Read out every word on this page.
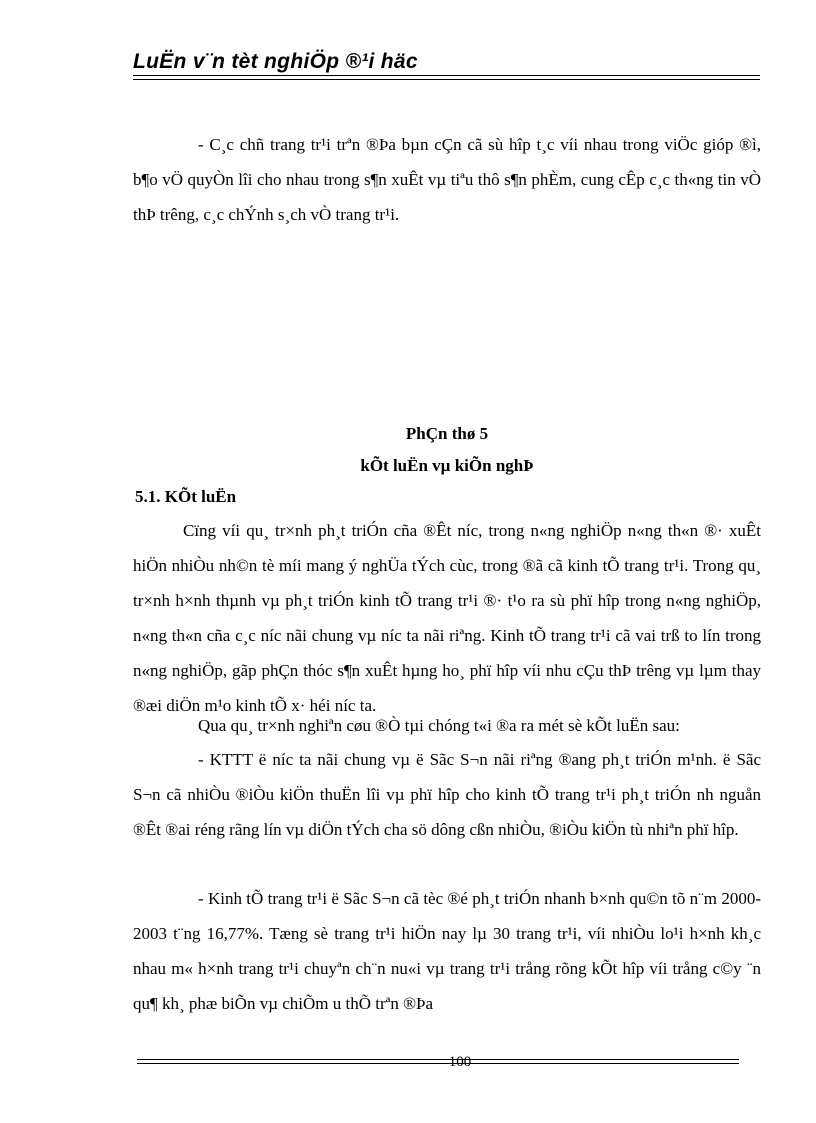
LuËn v¨n tèt nghiÖp ®¹i häc

- C¸c chñ trang tr¹i trªn ®Þa bµn cÇn cã sù hîp t¸c víi nhau trong viÖc gióp ®ì, b¶o vÖ quyÒn lîi cho nhau trong s¶n xuÊt vµ tiªu thô s¶n phÈm, cung cÊp c¸c th«ng tin vÒ thÞ trêng, c¸c chÝnh s¸ch vÒ trang tr¹i.

PhÇn thø 5

kÕt luËn vµ kiÕn nghÞ

5.1. KÕt luËn

Cïng víi qu¸ tr×nh ph¸t triÓn cña ®Êt níc, trong n«ng nghiÖp n«ng th«n ®· xuÊt hiÖn nhiÒu nh©n tè míi mang ý nghÜa tÝch cùc, trong ®ã cã kinh tÕ trang tr¹i. Trong qu¸ tr×nh h×nh thµnh vµ ph¸t triÓn kinh tÕ trang tr¹i ®· t¹o ra sù phï hîp trong n«ng nghiÖp, n«ng th«n cña c¸c níc nãi chung vµ níc ta nãi riªng. Kinh tÕ trang tr¹i cã vai trß to lín trong n«ng nghiÖp, gãp phÇn thóc s¶n xuÊt hµng ho¸ phï hîp víi nhu cÇu thÞ trêng vµ lµm thay ®æi diÖn m¹o kinh tÕ x· héi níc ta.

Qua qu¸ tr×nh nghiªn cøu ®Ò tµi chóng t«i ®a ra mét sè kÕt luËn sau:

- KTTT ë níc ta nãi chung vµ ë Sãc S¬n nãi riªng ®ang ph¸t triÓn m¹nh. ë Sãc S¬n cã nhiÒu ®iÒu kiÖn thuËn lîi vµ phï hîp cho kinh tÕ trang tr¹i ph¸t triÓn nh nguån ®Êt ®ai réng rãng lín vµ diÖn tÝch cha sö dông cßn nhiÒu, ®iÒu kiÖn tù nhiªn phï hîp.

- Kinh tÕ trang tr¹i ë Sãc S¬n cã tèc ®é ph¸t triÓn nhanh b×nh qu©n tõ n¨m 2000-2003 t¨ng 16,77%. Tæng sè trang tr¹i hiÖn nay lµ 30 trang tr¹i, víi nhiÒu lo¹i h×nh kh¸c nhau m« h×nh trang tr¹i chuyªn ch¨n nu«i vµ trang tr¹i trång rõng kÕt hîp víi trång c©y ¨n qu¶ kh¸ phæ biÕn vµ chiÕm u thÕ trªn ®Þa

100
